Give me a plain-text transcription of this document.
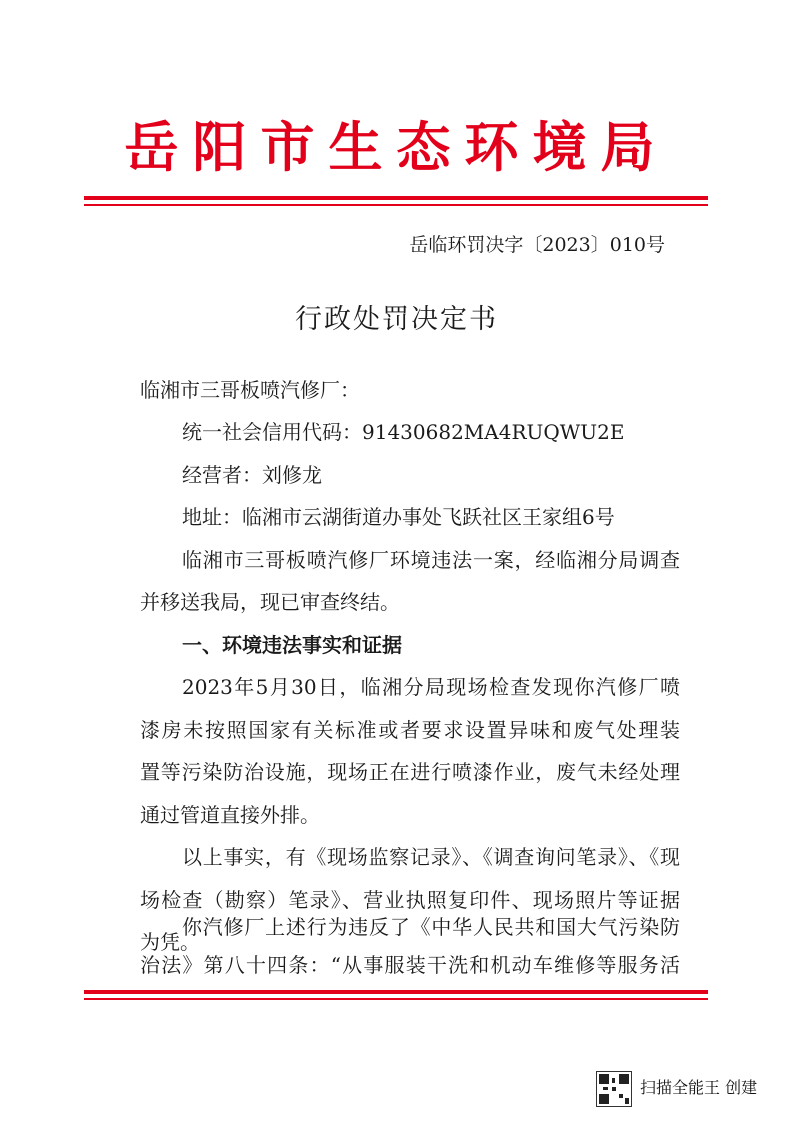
岳阳市生态环境局
岳临环罚决字〔2023〕010号
行政处罚决定书
临湘市三哥板喷汽修厂：
统一社会信用代码：91430682MA4RUQWU2E
经营者：刘修龙
地址：临湘市云湖街道办事处飞跃社区王家组6号
临湘市三哥板喷汽修厂环境违法一案，经临湘分局调查
并移送我局，现已审查终结。
一、环境违法事实和证据
2023年5月30日，临湘分局现场检查发现你汽修厂喷
漆房未按照国家有关标准或者要求设置异味和废气处理装
置等污染防治设施，现场正在进行喷漆作业，废气未经处理
通过管道直接外排。
以上事实，有《现场监察记录》、《调查询问笔录》、《现
场检查（勘察）笔录》、营业执照复印件、现场照片等证据
为凭。
你汽修厂上述行为违反了《中华人民共和国大气污染防
扫描全能王 创建
治法》第八十四条：“从事服装干洗和机动车维修等服务活
